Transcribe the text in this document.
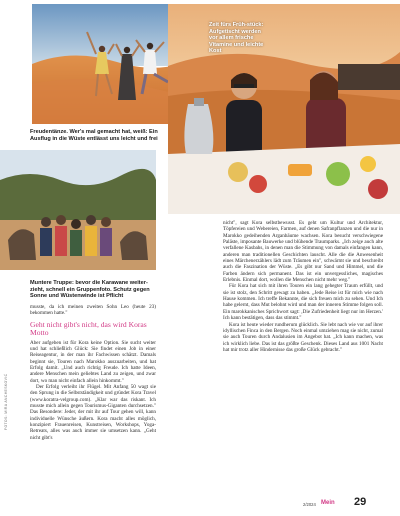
Zeit fürs Früh-stück: Aufgetischt werden vor allem frische Vitamine und leichte Kost
Freudentänze. Wer's mal gemacht hat, weiß: Ein Ausflug in die Wüste entlässt uns leicht und frei
Muntere Truppe: bevor die Karawane weiter-zieht, schnell ein Gruppenfoto. Schutz gegen Sonne und Wüstenwinde ist Pflicht

musste, da ich meinen zweiten Sohn Leo (heute 23) bekommen hatte."

Geht nicht gibt's nicht, das wird Koras Motto

Aber aufgeben ist für Kora keine Option. Sie sucht weiter und hat schließlich Glück: Sie findet einen Job in einer Reiseagentur, in der man ihr Fachwissen schätzt. Damals beginnt sie, Touren nach Marokko auszuarbeiten, und hat Erfolg damit. „Und auch richtig Freude. Ich hatte Ideen, andere Menschen mein geliebtes Land zu zeigen, und zwar dort, wo man nicht einfach allein hinkommt."

Der Erfolg verleiht ihr Flügel. Mit Anfang 50 wagt sie den Sprung in die Selbstständigkeit und gründet Kora Travel (www.koratra-velgroup.com). „Klar war das riskant. Ich musste mich allein gegen Tourismus-Giganten durchsetzen." Das Besondere: Jeder, der mit ihr auf Tour gehen will, kann individuelle Wünsche äußern. Kora macht alles möglich, konzipiert Frauenreisen, Kunstreisen, Workshops, Yoga-Retreats, alles was auch immer sie umsetzen kann. „Geht nicht gibt's

nicht", sagt Kora selbstbewusst. Es geht um Kultur und Architektur, Töpfereien und Webereien, Farmen, auf denen Safranpflanzen und die nur in Marokko gedeihenden Arganbäume wachsen. Kora besucht verschwiegene Paläste, imposante Bauwerke und blühende Traumparks. „Ich zeige auch alte verfallene Kasbahs, in denen man die Stimmung von damals einfangen kann, anderen man traditionellen Geschichten lauscht. Alle die die Anwesenheit eines Märchenerzählers lädt zum Träumen ein", schwärmt sie und beschreibt auch die Faszination der Wüste. „Es gibt nur Sand und Himmel, und die Farben ändern sich permanent. Das ist ein unvergessliches, magisches Erlebnis. Einmal dort, wollen die Menschen nicht mehr weg."

Für Kora hat sich mit ihren Touren ein lang gehegter Traum erfüllt, und sie ist stolz, den Schritt gewagt zu haben. „Jede Reise ist für mich wie nach Hause kommen. Ich treffe Bekannte, die sich freuen mich zu sehen. Und Ich habe gelernt, dass Mut belohnt wird und man der inneren Stimme folgen soll. Ein marokkanisches Sprichwort sagt: ‚Die Zufriedenheit liegt nur im Herzen.' Ich kann bestätigen, dass das stimmt."

Kora ist heute wieder rundherum glücklich. Sie lebt nach wie vor auf ihrer idyllischen Finca in den Bergen. Noch einmal umziehen mag sie nicht, zumal sie auch Touren durch Andalusien im Angebot hat. „Ich kann machen, was ich wirklich liebe. Das ist das größte Geschenk. Dieses Land aus 1001 Nacht hat mir trotz aller Hindernisse das große Glück gebracht."

FOTOS: MIRA ANCHESKOVIĆ
2/2024 Mein 29
